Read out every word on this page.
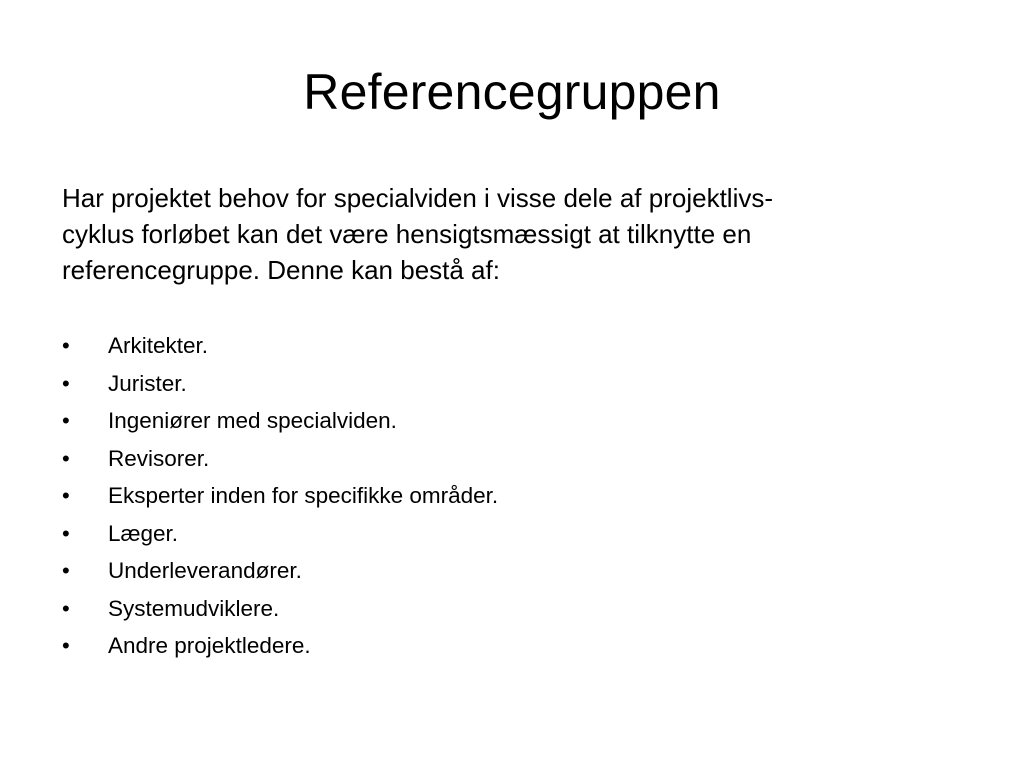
Referencegruppen

Har projektet behov for specialviden i visse dele af projektlivs-
cyklus forløbet kan det være hensigtsmæssigt at tilknytte en
referencegruppe. Denne kan bestå af:

•	Arkitekter.
•	Jurister.
•	Ingeniører med specialviden.
•	Revisorer.
•	Eksperter inden for specifikke områder.
•	Læger.
•	Underleverandører.
•	Systemudviklere.
•	Andre projektledere.
